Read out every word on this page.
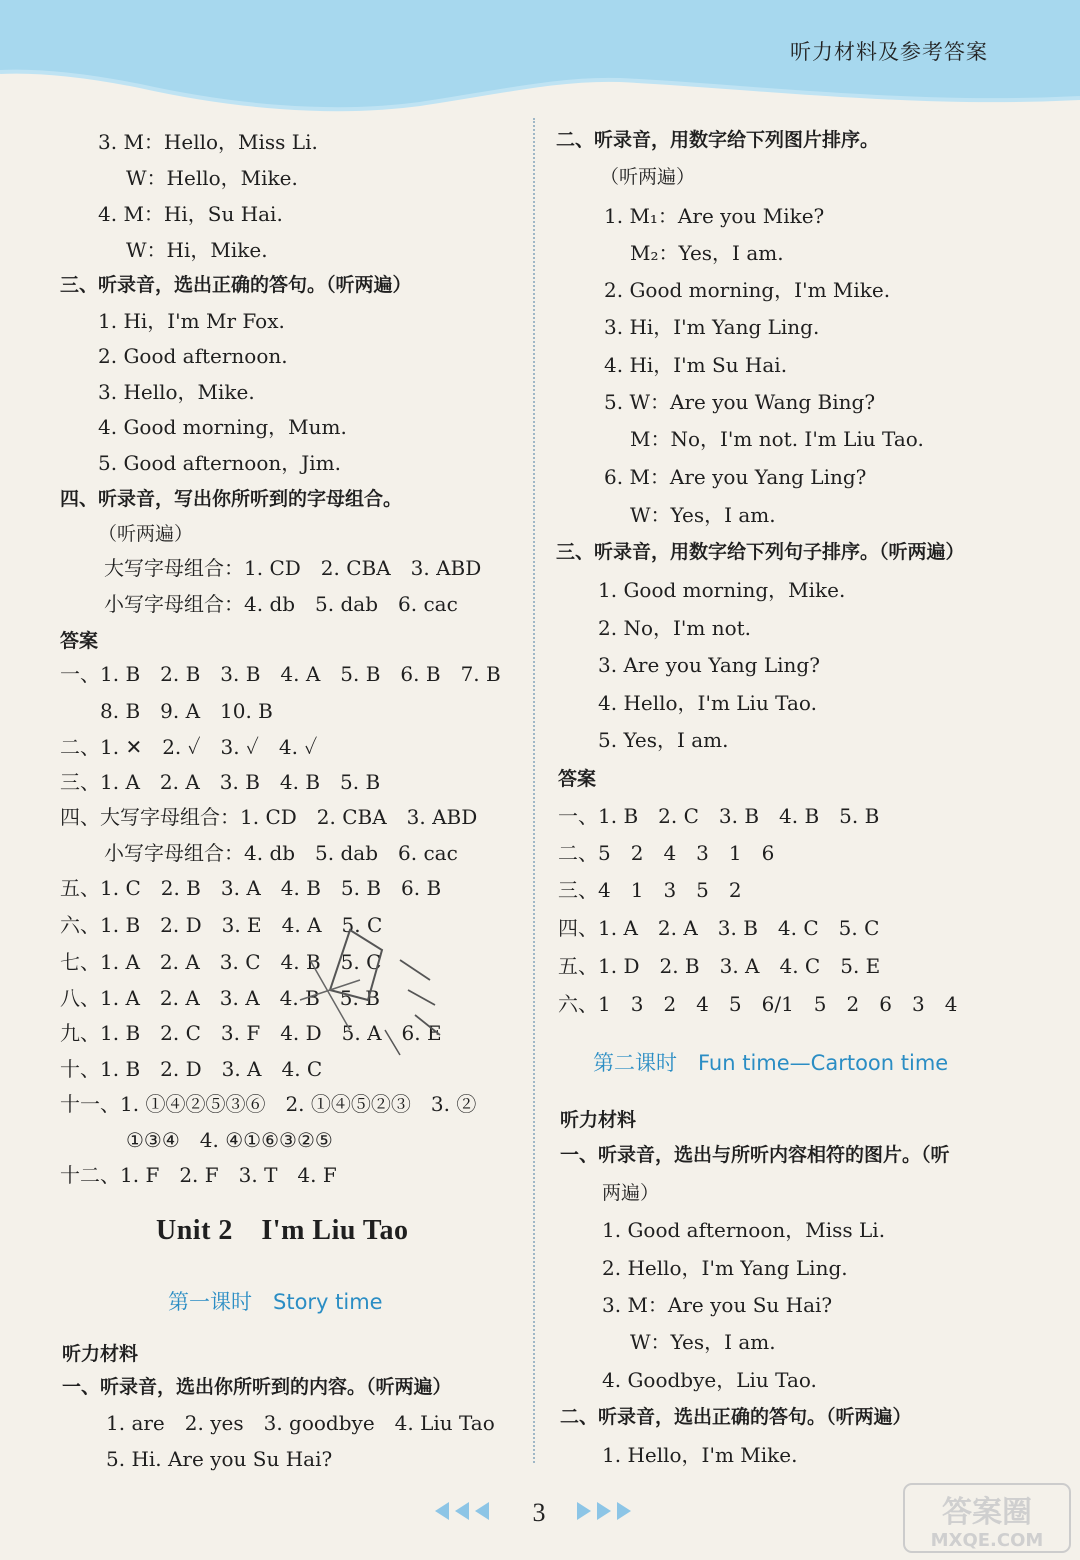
听力材料及参考答案
3. M：Hello，Miss Li.
W：Hello，Mike.
4. M：Hi，Su Hai.
W：Hi，Mike.
三、听录音，选出正确的答句。（听两遍）
1. Hi，I'm Mr Fox.
2. Good afternoon.
3. Hello，Mike.
4. Good morning，Mum.
5. Good afternoon，Jim.
四、听录音，写出你所听到的字母组合。
（听两遍）
大写字母组合：1. CD　2. CBA　3. ABD
小写字母组合：4. db　5. dab　6. cac
答案
一、1. B　2. B　3. B　4. A　5. B　6. B　7. B
8. B　9. A　10. B
二、1. ✕　2. ✓　3. ✓　4. ✓
三、1. A　2. A　3. B　4. B　5. B
四、大写字母组合：1. CD　2. CBA　3. ABD
小写字母组合：4. db　5. dab　6. cac
五、1. C　2. B　3. A　4. B　5. B　6. B
六、1. B　2. D　3. E　4. A　5. C
七、1. A　2. A　3. C　4. B　5. C
八、1. A　2. A　3. A　4. B　5. B
九、1. B　2. C　3. F　4. D　5. A　6. E
十、1. B　2. D　3. A　4. C
十一、1. ①④②⑤③⑥　2. ①④⑤②③　3. ②
①③④　4. ④①⑥③②⑤
十二、1. F　2. F　3. T　4. F
Unit 2　I'm Liu Tao
第一课时　Story time
听力材料
一、听录音，选出你所听到的内容。（听两遍）
1. are　2. yes　3. goodbye　4. Liu Tao
5. Hi. Are you Su Hai?
二、听录音，用数字给下列图片排序。
（听两遍）
1. M₁：Are you Mike?
M₂：Yes，I am.
2. Good morning，I'm Mike.
3. Hi，I'm Yang Ling.
4. Hi，I'm Su Hai.
5. W：Are you Wang Bing?
M：No，I'm not. I'm Liu Tao.
6. M：Are you Yang Ling?
W：Yes，I am.
三、听录音，用数字给下列句子排序。（听两遍）
1. Good morning，Mike.
2. No，I'm not.
3. Are you Yang Ling?
4. Hello，I'm Liu Tao.
5. Yes，I am.
答案
一、1. B　2. C　3. B　4. B　5. B
二、5　2　4　3　1　6
三、4　1　3　5　2
四、1. A　2. A　3. B　4. C　5. C
五、1. D　2. B　3. A　4. C　5. E
六、1　3　2　4　5　6/1　5　2　6　3　4
第二课时　Fun time—Cartoon time
听力材料
一、听录音，选出与所听内容相符的图片。（听
两遍）
1. Good afternoon，Miss Li.
2. Hello，I'm Yang Ling.
3. M：Are you Su Hai?
W：Yes，I am.
4. Goodbye，Liu Tao.
二、听录音，选出正确的答句。（听两遍）
1. Hello，I'm Mike.
3	答案圈
MXQE.COM
